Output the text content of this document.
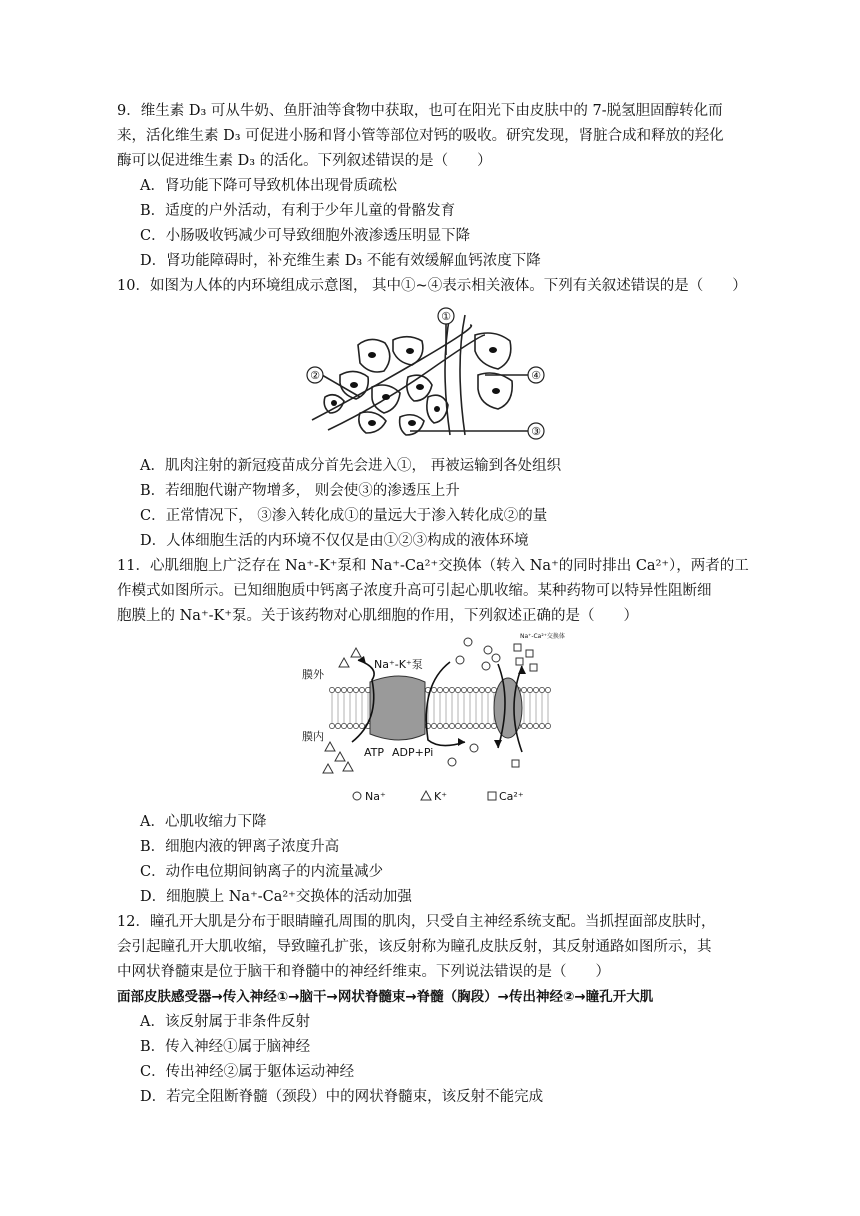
9．维生素 D₃ 可从牛奶、鱼肝油等食物中获取，也可在阳光下由皮肤中的 7-脱氢胆固醇转化而
来，活化维生素 D₃ 可促进小肠和肾小管等部位对钙的吸收。研究发现，肾脏合成和释放的羟化
酶可以促进维生素 D₃ 的活化。下列叙述错误的是（　　）
A．肾功能下降可导致机体出现骨质疏松
B．适度的户外活动，有利于少年儿童的骨骼发育
C．小肠吸收钙减少可导致细胞外液渗透压明显下降
D．肾功能障碍时，补充维生素 D₃ 不能有效缓解血钙浓度下降
10．如图为人体的内环境组成示意图， 其中①~④表示相关液体。下列有关叙述错误的是（　　）
①
②
③
④
A．肌肉注射的新冠疫苗成分首先会进入①， 再被运输到各处组织
B．若细胞代谢产物增多， 则会使③的渗透压上升
C．正常情况下， ③渗入转化成①的量远大于渗入转化成②的量
D．人体细胞生活的内环境不仅仅是由①②③构成的液体环境
11．心肌细胞上广泛存在 Na⁺-K⁺泵和 Na⁺-Ca²⁺交换体（转入 Na⁺的同时排出 Ca²⁺），两者的工
作模式如图所示。已知细胞质中钙离子浓度升高可引起心肌收缩。某种药物可以特异性阻断细
胞膜上的 Na⁺-K⁺泵。关于该药物对心肌细胞的作用，下列叙述正确的是（　　）
膜外
膜内
Na⁺-K⁺泵
ATP ADP+Pi
Na⁺-Ca²⁺交换体
Na⁺	K⁺	Ca²⁺
A．心肌收缩力下降
B．细胞内液的钾离子浓度升高
C．动作电位期间钠离子的内流量减少
D．细胞膜上 Na⁺-Ca²⁺交换体的活动加强
12．瞳孔开大肌是分布于眼睛瞳孔周围的肌肉，只受自主神经系统支配。当抓捏面部皮肤时，
会引起瞳孔开大肌收缩，导致瞳孔扩张，该反射称为瞳孔皮肤反射，其反射通路如图所示，其
中网状脊髓束是位于脑干和脊髓中的神经纤维束。下列说法错误的是（　　）
面部皮肤感受器→传入神经①→脑干→网状脊髓束→脊髓（胸段）→传出神经②→瞳孔开大肌
A．该反射属于非条件反射
B．传入神经①属于脑神经
C．传出神经②属于躯体运动神经
D．若完全阻断脊髓（颈段）中的网状脊髓束，该反射不能完成
